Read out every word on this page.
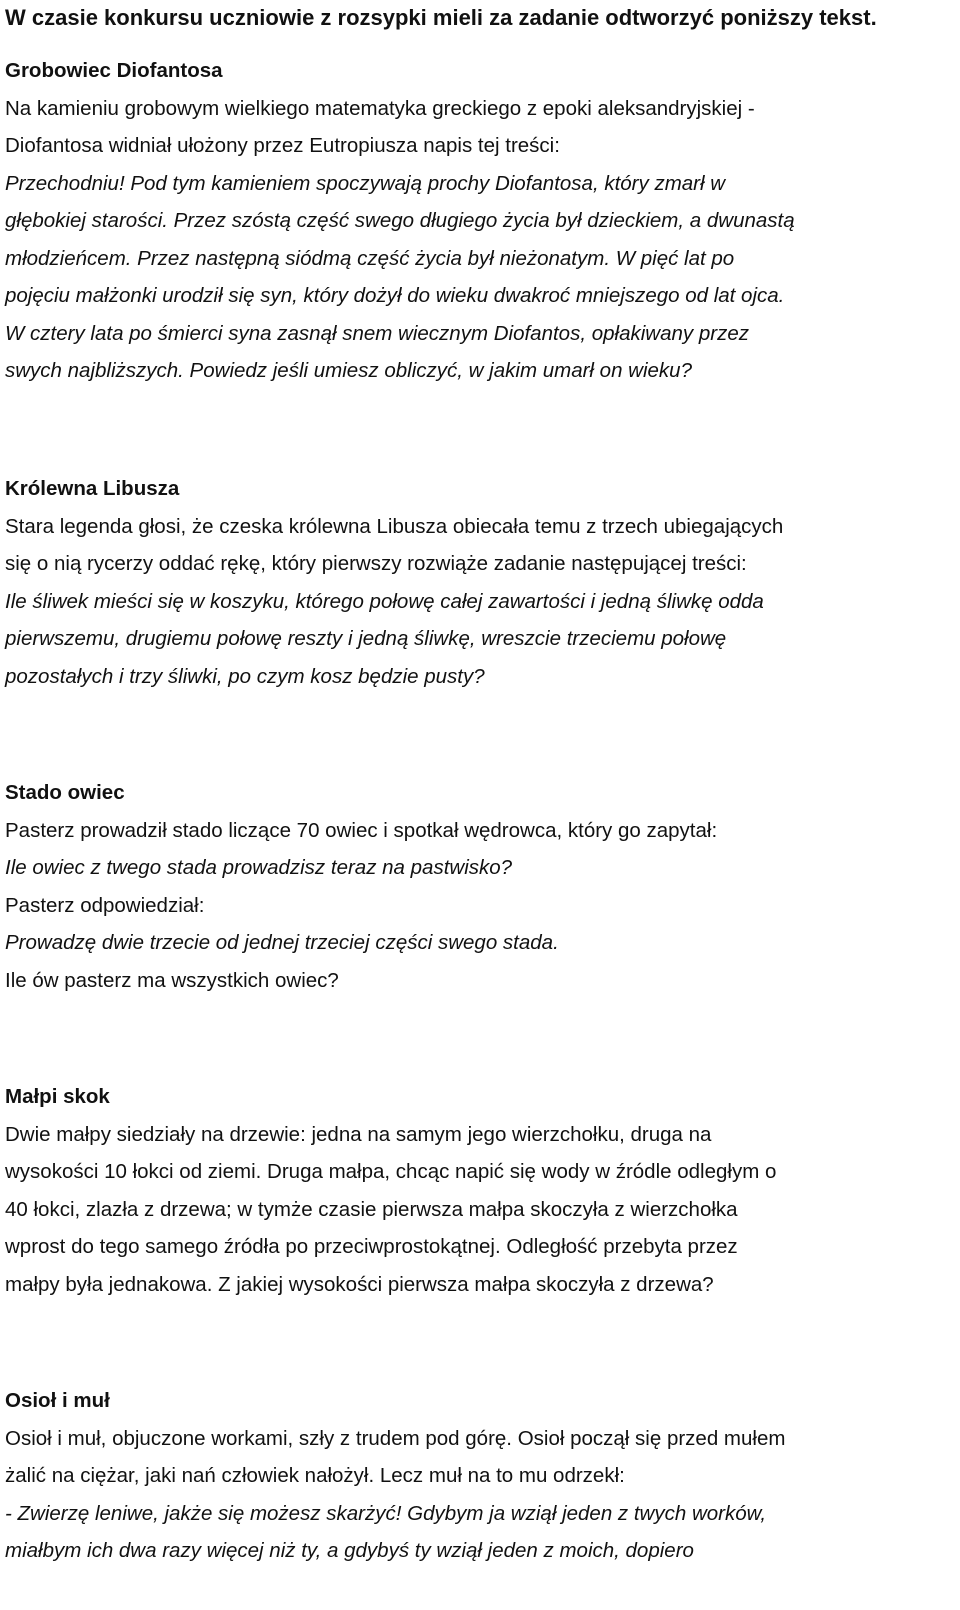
W czasie konkursu uczniowie z rozsypki mieli za zadanie odtworzyć poniższy tekst.
Grobowiec Diofantosa
Na kamieniu grobowym wielkiego matematyka greckiego z epoki aleksandryjskiej -
Diofantosa widniał ułożony przez Eutropiusza napis tej treści:
Przechodniu! Pod tym kamieniem spoczywają prochy Diofantosa, który zmarł w
głębokiej starości. Przez szóstą część swego długiego życia był dzieckiem, a dwunastą
młodzieńcem. Przez następną siódmą część życia był nieżonatym. W pięć lat po
pojęciu małżonki urodził się syn, który dożył do wieku dwakroć mniejszego od lat ojca.
W cztery lata po śmierci syna zasnął snem wiecznym Diofantos, opłakiwany przez
swych najbliższych. Powiedz jeśli umiesz obliczyć, w jakim umarł on wieku?
Królewna Libusza
Stara legenda głosi, że czeska królewna Libusza obiecała temu z trzech ubiegających
się o nią rycerzy oddać rękę, który pierwszy rozwiąże zadanie następującej treści:
Ile śliwek mieści się w koszyku, którego połowę całej zawartości i jedną śliwkę odda
pierwszemu, drugiemu połowę reszty i jedną śliwkę, wreszcie trzeciemu połowę
pozostałych i trzy śliwki, po czym kosz będzie pusty?
Stado owiec
Pasterz prowadził stado liczące 70 owiec i spotkał wędrowca, który go zapytał:
Ile owiec z twego stada prowadzisz teraz na pastwisko?
Pasterz odpowiedział:
Prowadzę dwie trzecie od jednej trzeciej części swego stada.
Ile ów pasterz ma wszystkich owiec?
Małpi skok
Dwie małpy siedziały na drzewie: jedna na samym jego wierzchołku, druga na
wysokości 10 łokci od ziemi. Druga małpa, chcąc napić się wody w źródle odległym o
40 łokci, zlazła z drzewa; w tymże czasie pierwsza małpa skoczyła z wierzchołka
wprost do tego samego źródła po przeciwprostokątnej. Odległość przebyta przez
małpy była jednakowa. Z jakiej wysokości pierwsza małpa skoczyła z drzewa?
Osioł i muł
Osioł i muł, objuczone workami, szły z trudem pod górę. Osioł począł się przed mułem
żalić na ciężar, jaki nań człowiek nałożył. Lecz muł na to mu odrzekł:
- Zwierzę leniwe, jakże się możesz skarżyć! Gdybym ja wziął jeden z twych worków,
miałbym ich dwa razy więcej niż ty, a gdybyś ty wziął jeden z moich, dopiero
